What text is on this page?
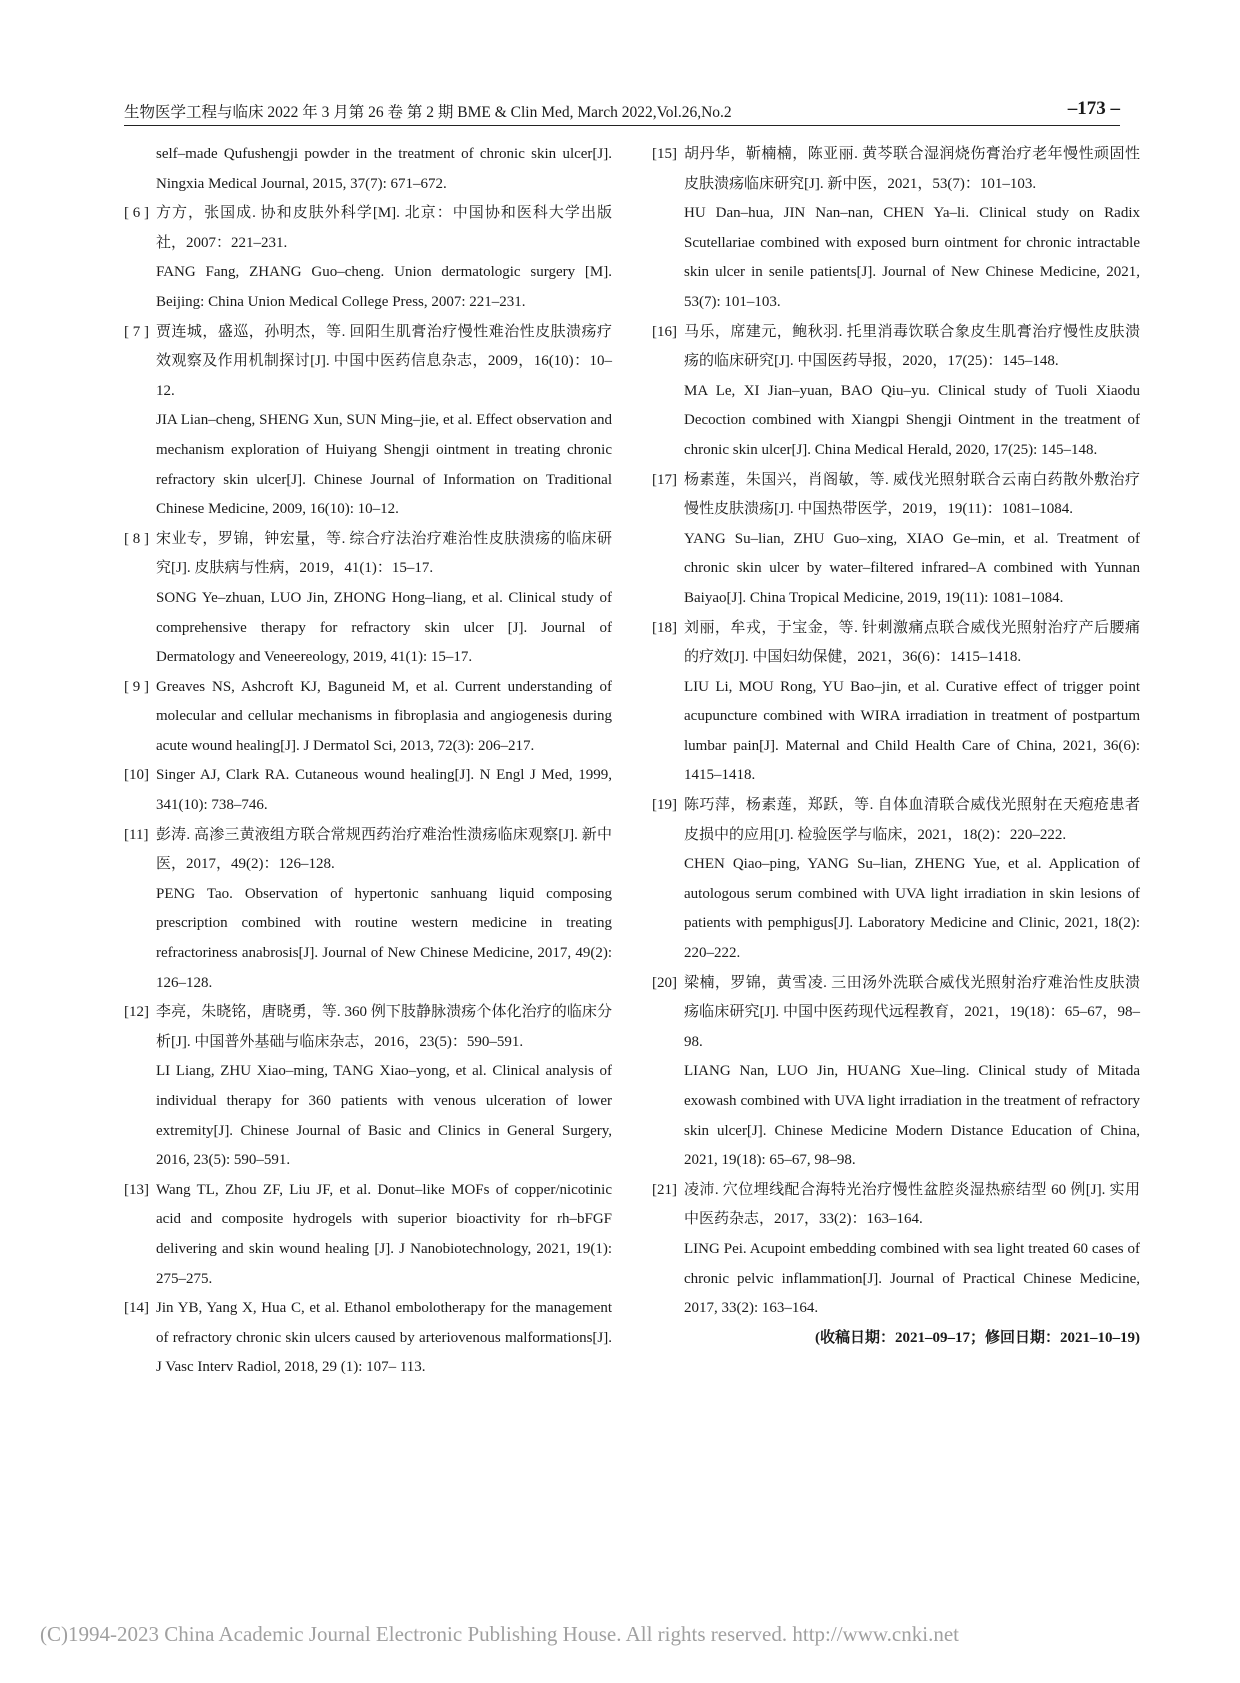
生物医学工程与临床 2022 年 3 月第 26 卷 第 2 期 BME & Clin Med, March 2022,Vol.26,No.2	–173 –

self–made Qufushengji powder in the treatment of chronic skin ulcer[J]. Ningxia Medical Journal, 2015, 37(7): 671–672.

[ 6 ] 方方，张国成. 协和皮肤外科学[M]. 北京：中国协和医科大学出版社，2007：221–231.

FANG Fang, ZHANG Guo–cheng. Union dermatologic surgery [M]. Beijing: China Union Medical College Press, 2007: 221–231.

[ 7 ] 贾连城，盛巡，孙明杰，等. 回阳生肌膏治疗慢性难治性皮肤溃疡疗效观察及作用机制探讨[J]. 中国中医药信息杂志，2009，16(10)：10–12.

JIA Lian–cheng, SHENG Xun, SUN Ming–jie, et al. Effect observation and mechanism exploration of Huiyang Shengji ointment in treating chronic refractory skin ulcer[J]. Chinese Journal of Information on Traditional Chinese Medicine, 2009, 16(10): 10–12.

[ 8 ] 宋业专，罗锦，钟宏量，等. 综合疗法治疗难治性皮肤溃疡的临床研究[J]. 皮肤病与性病，2019，41(1)：15–17.

SONG Ye–zhuan, LUO Jin, ZHONG Hong–liang, et al. Clinical study of comprehensive therapy for refractory skin ulcer [J]. Journal of Dermatology and Veneereology, 2019, 41(1): 15–17.

[ 9 ] Greaves NS, Ashcroft KJ, Baguneid M, et al. Current understanding of molecular and cellular mechanisms in fibroplasia and angiogenesis during acute wound healing[J]. J Dermatol Sci, 2013, 72(3): 206–217.

[10] Singer AJ, Clark RA. Cutaneous wound healing[J]. N Engl J Med, 1999, 341(10): 738–746.

[11] 彭涛. 高渗三黄液组方联合常规西药治疗难治性溃疡临床观察[J]. 新中医，2017，49(2)：126–128.

PENG Tao. Observation of hypertonic sanhuang liquid composing prescription combined with routine western medicine in treating refractoriness anabrosis[J]. Journal of New Chinese Medicine, 2017, 49(2): 126–128.

[12] 李亮，朱晓铭，唐晓勇，等. 360 例下肢静脉溃疡个体化治疗的临床分析[J]. 中国普外基础与临床杂志，2016，23(5)：590–591.

LI Liang, ZHU Xiao–ming, TANG Xiao–yong, et al. Clinical analysis of individual therapy for 360 patients with venous ulceration of lower extremity[J]. Chinese Journal of Basic and Clinics in General Surgery, 2016, 23(5): 590–591.

[13] Wang TL, Zhou ZF, Liu JF, et al. Donut–like MOFs of copper/nicotinic acid and composite hydrogels with superior bioactivity for rh–bFGF delivering and skin wound healing [J]. J Nanobiotechnology, 2021, 19(1): 275–275.

[14] Jin YB, Yang X, Hua C, et al. Ethanol embolotherapy for the management of refractory chronic skin ulcers caused by arteriovenous malformations[J]. J Vasc Interv Radiol, 2018, 29 (1): 107– 113.

[15] 胡丹华，靳楠楠，陈亚丽. 黄芩联合湿润烧伤膏治疗老年慢性顽固性皮肤溃疡临床研究[J]. 新中医，2021，53(7)：101–103.

HU Dan–hua, JIN Nan–nan, CHEN Ya–li. Clinical study on Radix Scutellariae combined with exposed burn ointment for chronic intractable skin ulcer in senile patients[J]. Journal of New Chinese Medicine, 2021, 53(7): 101–103.

[16] 马乐，席建元，鲍秋羽. 托里消毒饮联合象皮生肌膏治疗慢性皮肤溃疡的临床研究[J]. 中国医药导报，2020，17(25)：145–148.

MA Le, XI Jian–yuan, BAO Qiu–yu. Clinical study of Tuoli Xiaodu Decoction combined with Xiangpi Shengji Ointment in the treatment of chronic skin ulcer[J]. China Medical Herald, 2020, 17(25): 145–148.

[17] 杨素莲，朱国兴，肖阁敏，等. 威伐光照射联合云南白药散外敷治疗慢性皮肤溃疡[J]. 中国热带医学，2019，19(11)：1081–1084.

YANG Su–lian, ZHU Guo–xing, XIAO Ge–min, et al. Treatment of chronic skin ulcer by water–filtered infrared–A combined with Yunnan Baiyao[J]. China Tropical Medicine, 2019, 19(11): 1081–1084.

[18] 刘丽，牟戎，于宝金，等. 针刺激痛点联合威伐光照射治疗产后腰痛的疗效[J]. 中国妇幼保健，2021，36(6)：1415–1418.

LIU Li, MOU Rong, YU Bao–jin, et al. Curative effect of trigger point acupuncture combined with WIRA irradiation in treatment of postpartum lumbar pain[J]. Maternal and Child Health Care of China, 2021, 36(6): 1415–1418.

[19] 陈巧萍，杨素莲，郑跃，等. 自体血清联合威伐光照射在天疱疮患者皮损中的应用[J]. 检验医学与临床，2021，18(2)：220–222.

CHEN Qiao–ping, YANG Su–lian, ZHENG Yue, et al. Application of autologous serum combined with UVA light irradiation in skin lesions of patients with pemphigus[J]. Laboratory Medicine and Clinic, 2021, 18(2): 220–222.

[20] 梁楠，罗锦，黄雪凌. 三田汤外洗联合威伐光照射治疗难治性皮肤溃疡临床研究[J]. 中国中医药现代远程教育，2021，19(18)：65–67，98–98.

LIANG Nan, LUO Jin, HUANG Xue–ling. Clinical study of Mitada exowash combined with UVA light irradiation in the treatment of refractory skin ulcer[J]. Chinese Medicine Modern Distance Education of China, 2021, 19(18): 65–67, 98–98.

[21] 凌沛. 穴位埋线配合海特光治疗慢性盆腔炎湿热瘀结型 60 例[J]. 实用中医药杂志，2017，33(2)：163–164.

LING Pei. Acupoint embedding combined with sea light treated 60 cases of chronic pelvic inflammation[J]. Journal of Practical Chinese Medicine, 2017, 33(2): 163–164.

(收稿日期：2021–09–17；修回日期：2021–10–19)
(C)1994-2023 China Academic Journal Electronic Publishing House. All rights reserved. http://www.cnki.net
